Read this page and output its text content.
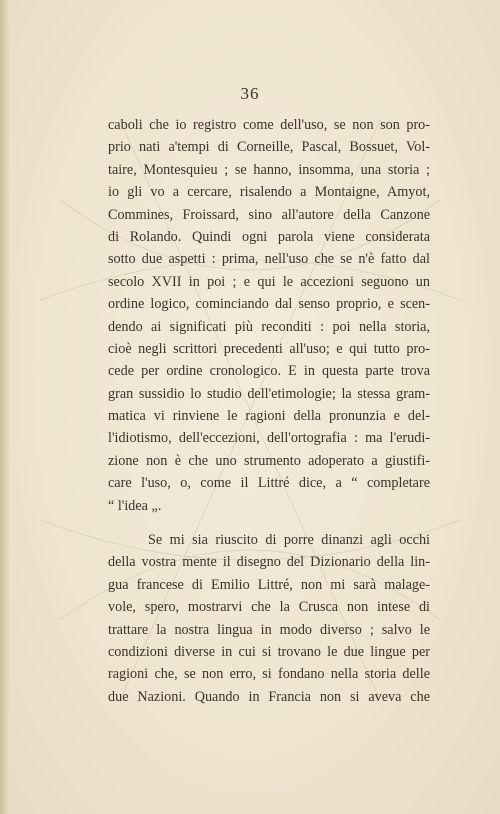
36
caboli che io registro come dell'uso, se non son pro-
prio nati a'tempi di Corneille, Pascal, Bossuet, Vol-
taire, Montesquieu ; se hanno, insomma, una storia ;
io gli vo a cercare, risalendo a Montaigne, Amyot,
Commines, Froissard, sino all'autore della Canzone
di Rolando. Quindi ogni parola viene considerata
sotto due aspetti : prima, nell'uso che se n'è fatto dal
secolo XVII in poi ; e qui le accezioni seguono un
ordine logico, cominciando dal senso proprio, e scen-
dendo ai significati più reconditi : poi nella storia,
cioè negli scrittori precedenti all'uso; e qui tutto pro-
cede per ordine cronologico. E in questa parte trova
gran sussidio lo studio dell'etimologie; la stessa gram-
matica vi rinviene le ragioni della pronunzia e del-
l'idiotismo, dell'eccezioni, dell'ortografia : ma l'erudi-
zione non è che uno strumento adoperato a giustifi-
care l'uso, o, come il Littré dice, a “ completare
“ l'idea „.
Se mi sia riuscito di porre dinanzi agli occhi
della vostra mente il disegno del Dizionario della lin-
gua francese di Emilio Littré, non mi sarà malage-
vole, spero, mostrarvi che la Crusca non intese di
trattare la nostra lingua in modo diverso ; salvo le
condizioni diverse in cui si trovano le due lingue per
ragioni che, se non erro, si fondano nella storia delle
due Nazioni. Quando in Francia non si aveva che
